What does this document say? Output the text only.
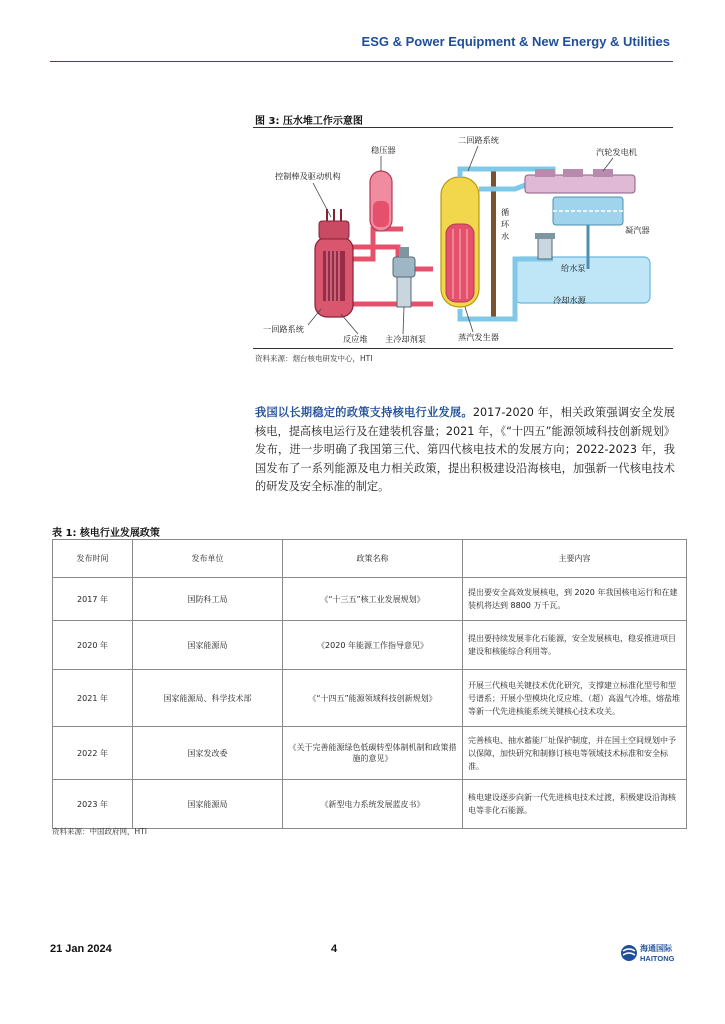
ESG & Power Equipment & New Energy & Utilities
图 3: 压水堆工作示意图
控制棒及驱动机构
稳压器
二回路系统
汽轮发电机
循
环
水
凝汽器
给水泵
冷却水源
一回路系统
反应堆 主冷却剂泵	蒸汽发生器
资料来源：烟台核电研发中心，HTI
我国以长期稳定的政策支持核电行业发展。2017-2020 年，相关政策强调安全发展核电，提高核电运行及在建装机容量；2021 年，《“十四五”能源领域科技创新规划》发布，进一步明确了我国第三代、第四代核电技术的发展方向；2022-2023 年，我国发布了一系列能源及电力相关政策，提出积极建设沿海核电，加强新一代核电技术的研发及安全标准的制定。
表 1: 核电行业发展政策
发布时间	发布单位	政策名称	主要内容
2017 年	国防科工局	《“十三五”核工业发展规划》	提出要安全高效发展核电，到 2020 年我国核电运行和在建装机将达到 8800 万千瓦。
2020 年	国家能源局	《2020 年能源工作指导意见》	提出要持续发展非化石能源，安全发展核电，稳妥推进项目建设和核能综合利用等。
2021 年	国家能源局、科学技术部	《“十四五”能源领域科技创新规划》	开展三代核电关键技术优化研究，支撑建立标准化型号和型号谱系；开展小型模块化反应堆、（超）高温气冷堆、熔盐堆等新一代先进核能系统关键核心技术攻关。
2022 年	国家发改委	《关于完善能源绿色低碳转型体制机制和政策措施的意见》	完善核电、抽水蓄能厂址保护制度，并在国土空间规划中予以保障，加快研究和制修订核电等领域技术标准和安全标准。
2023 年	国家能源局	《新型电力系统发展蓝皮书》	核电建设逐步向新一代先进核电技术过渡，积极建设沿海核电等非化石能源。
资料来源：中国政府网，HTI
21 Jan 2024	4	海通国际
HAITONG
